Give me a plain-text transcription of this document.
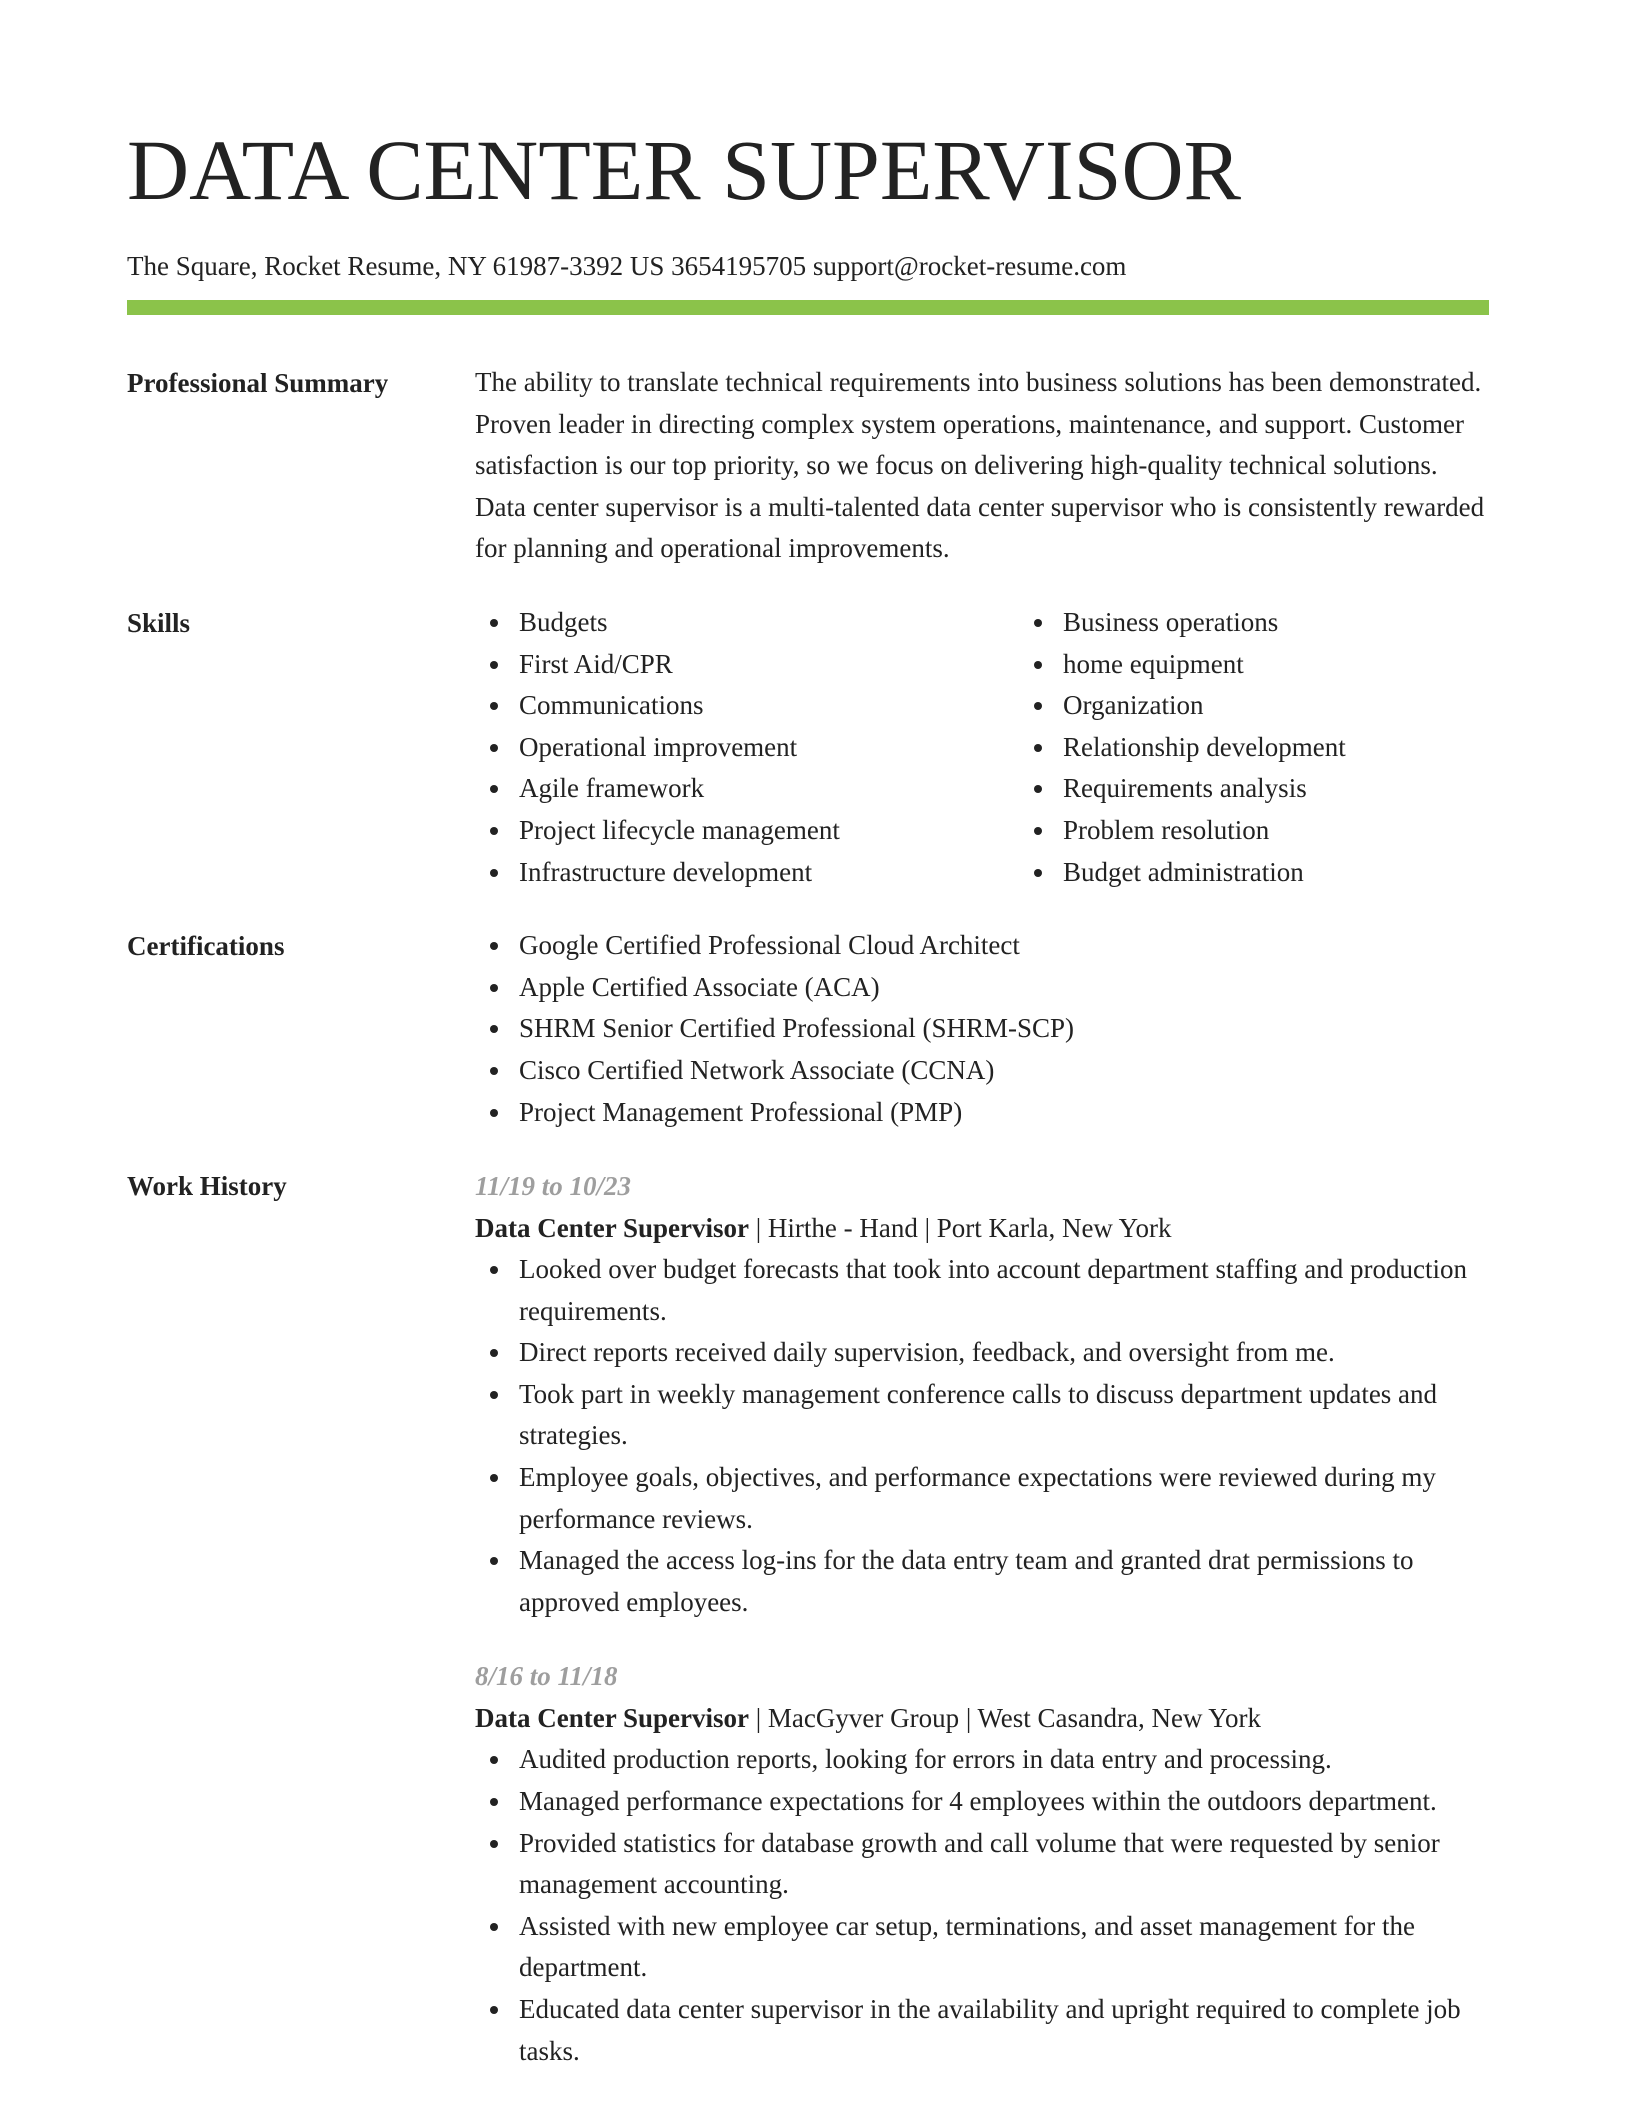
DATA CENTER SUPERVISOR
The Square, Rocket Resume, NY 61987-3392 US 3654195705 support@rocket-resume.com
Professional Summary	The ability to translate technical requirements into business solutions has been demonstrated. Proven leader in directing complex system operations, maintenance, and support. Customer satisfaction is our top priority, so we focus on delivering high-quality technical solutions. Data center supervisor is a multi-talented data center supervisor who is consistently rewarded for planning and operational improvements.

Skills	Budgets
First Aid/CPR
Communications
Operational improvement
Agile framework
Project lifecycle management
Infrastructure development
Business operations
home equipment
Organization
Relationship development
Requirements analysis
Problem resolution
Budget administration
Certifications	Google Certified Professional Cloud Architect
Apple Certified Associate (ACA)
SHRM Senior Certified Professional (SHRM-SCP)
Cisco Certified Network Associate (CCNA)
Project Management Professional (PMP)
Work History	11/19 to 10/23
Data Center Supervisor | Hirthe - Hand | Port Karla, New York
Looked over budget forecasts that took into account department staffing and production requirements.
Direct reports received daily supervision, feedback, and oversight from me.
Took part in weekly management conference calls to discuss department updates and strategies.
Employee goals, objectives, and performance expectations were reviewed during my performance reviews.
Managed the access log-ins for the data entry team and granted drat permissions to approved employees.
8/16 to 11/18
Data Center Supervisor | MacGyver Group | West Casandra, New York
Audited production reports, looking for errors in data entry and processing.
Managed performance expectations for 4 employees within the outdoors department.
Provided statistics for database growth and call volume that were requested by senior management accounting.
Assisted with new employee car setup, terminations, and asset management for the department.
Educated data center supervisor in the availability and upright required to complete job tasks.
